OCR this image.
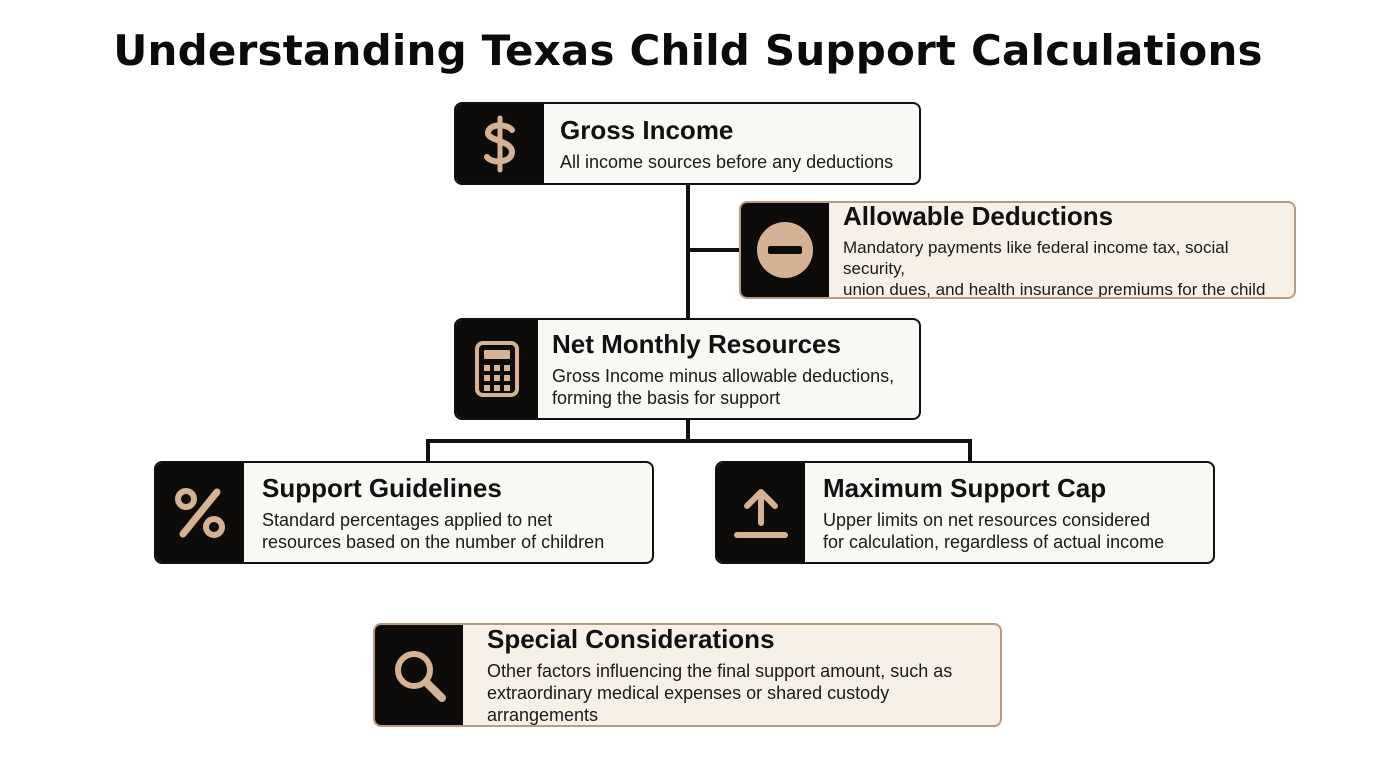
Understanding Texas Child Support Calculations
Gross Income
All income sources before any deductions
Allowable Deductions
Mandatory payments like federal income tax, social security,
union dues, and health insurance premiums for the child
Net Monthly Resources
Gross Income minus allowable deductions,
forming the basis for support
Support Guidelines
Standard percentages applied to net
resources based on the number of children
Maximum Support Cap
Upper limits on net resources considered
for calculation, regardless of actual income
Special Considerations
Other factors influencing the final support amount, such as
extraordinary medical expenses or shared custody arrangements
